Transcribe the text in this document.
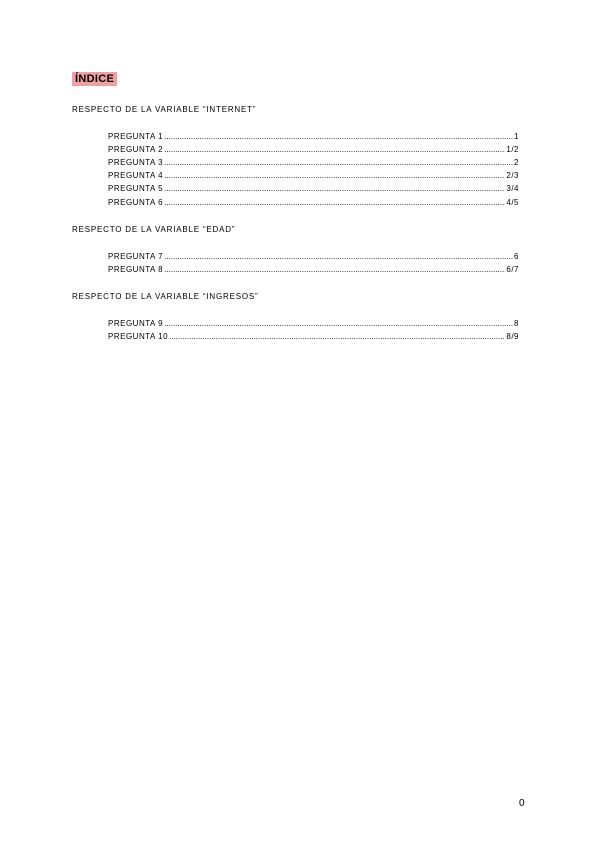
ÍNDICE
RESPECTO DE LA VARIABLE “INTERNET”
PREGUNTA 1 .....	1
PREGUNTA 2 .....	1/2
PREGUNTA 3 .....	2
PREGUNTA 4 .....	2/3
PREGUNTA 5 .....	3/4
PREGUNTA 6 .....	4/5
RESPECTO DE LA VARIABLE “EDAD”
PREGUNTA 7 .....	6
PREGUNTA 8 .....	6/7
RESPECTO DE LA VARIABLE “INGRESOS”
PREGUNTA 9 .....	8
PREGUNTA 10 .....	8/9
0
